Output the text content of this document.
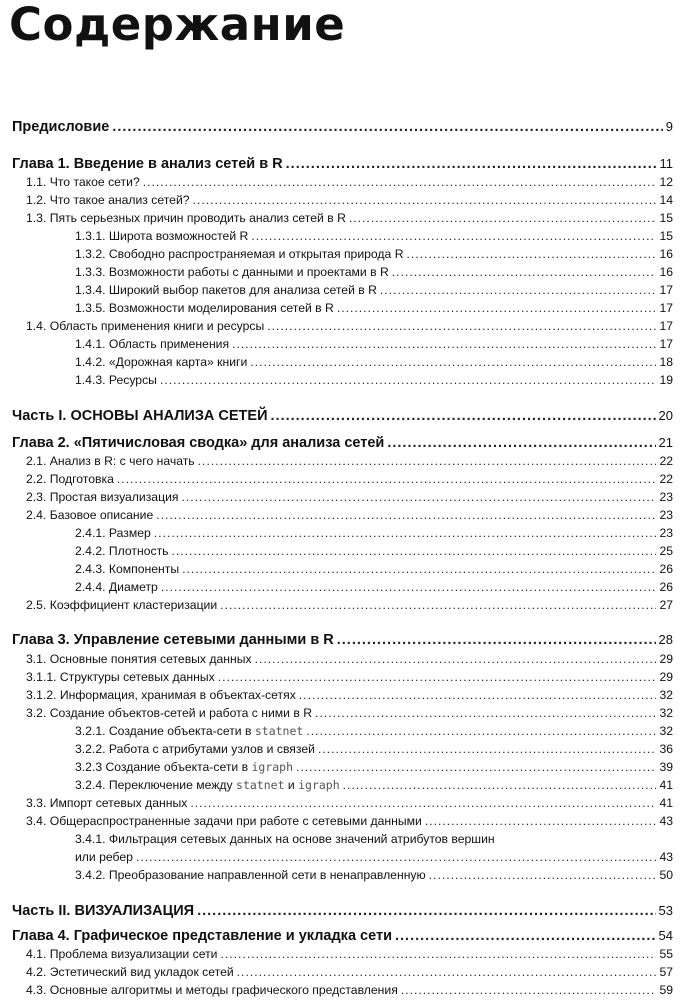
Содержание
Предисловие .....	9
Глава 1. Введение в анализ сетей в R .....	11
1.1. Что такое сети? .....	12
1.2. Что такое анализ сетей? .....	14
1.3. Пять серьезных причин проводить анализ сетей в R .....	15
1.3.1. Широта возможностей R .....	15
1.3.2. Свободно распространяемая и открытая природа R .....	16
1.3.3. Возможности работы с данными и проектами в R .....	16
1.3.4. Широкий выбор пакетов для анализа сетей в R .....	17
1.3.5. Возможности моделирования сетей в R .....	17
1.4. Область применения книги и ресурсы .....	17
1.4.1. Область применения .....	17
1.4.2. «Дорожная карта» книги .....	18
1.4.3. Ресурсы .....	19
Часть I. ОСНОВЫ АНАЛИЗА СЕТЕЙ .....	20
Глава 2. «Пятичисловая сводка» для анализа сетей .....	21
2.1. Анализ в R: с чего начать .....	22
2.2. Подготовка .....	22
2.3. Простая визуализация .....	23
2.4. Базовое описание .....	23
2.4.1. Размер .....	23
2.4.2. Плотность .....	25
2.4.3. Компоненты .....	26
2.4.4. Диаметр .....	26
2.5. Коэффициент кластеризации .....	27
Глава 3. Управление сетевыми данными в R .....	28
3.1. Основные понятия сетевых данных .....	29
3.1.1. Структуры сетевых данных .....	29
3.1.2. Информация, хранимая в объектах-сетях .....	32
3.2. Создание объектов-сетей и работа с ними в R .....	32
3.2.1. Создание объекта-сети в statnet .....	32
3.2.2. Работа с атрибутами узлов и связей .....	36
3.2.3 Создание объекта-сети в igraph .....	39
3.2.4. Переключение между statnet и igraph .....	41
3.3. Импорт сетевых данных .....	41
3.4. Общераспространенные задачи при работе с сетевыми данными .....	43
3.4.1. Фильтрация сетевых данных на основе значений атрибутов вершин
или ребер .....	43
3.4.2. Преобразование направленной сети в ненаправленную .....	50
Часть II. ВИЗУАЛИЗАЦИЯ .....	53
Глава 4. Графическое представление и укладка сети .....	54
4.1. Проблема визуализации сети .....	55
4.2. Эстетический вид укладок сетей .....	57
4.3. Основные алгоритмы и методы графического представления .....	59
